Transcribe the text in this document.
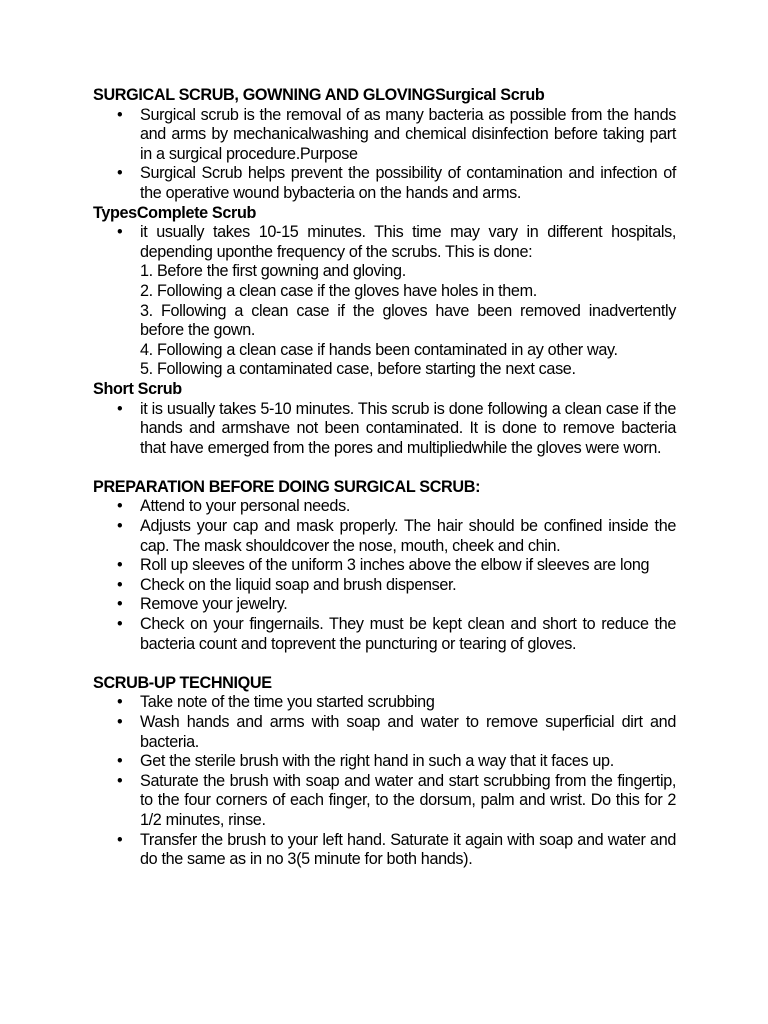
SURGICAL SCRUB, GOWNING AND GLOVINGSurgical Scrub
• Surgical scrub is the removal of as many bacteria as possible from the hands and arms by mechanicalwashing and chemical disinfection before taking part in a surgical procedure.Purpose
• Surgical Scrub helps prevent the possibility of contamination and infection of the operative wound bybacteria on the hands and arms.
TypesComplete Scrub
• it usually takes 10-15 minutes. This time may vary in different hospitals, depending uponthe frequency of the scrubs. This is done:
1. Before the first gowning and gloving.
2. Following a clean case if the gloves have holes in them.
3. Following a clean case if the gloves have been removed inadvertently before the gown.
4. Following a clean case if hands been contaminated in ay other way.
5. Following a contaminated case, before starting the next case.
Short Scrub
• it is usually takes 5-10 minutes. This scrub is done following a clean case if the hands and armshave not been contaminated. It is done to remove bacteria that have emerged from the pores and multipliedwhile the gloves were worn.
PREPARATION BEFORE DOING SURGICAL SCRUB:
• Attend to your personal needs.
• Adjusts your cap and mask properly. The hair should be confined inside the cap. The mask shouldcover the nose, mouth, cheek and chin.
• Roll up sleeves of the uniform 3 inches above the elbow if sleeves are long
• Check on the liquid soap and brush dispenser.
• Remove your jewelry.
• Check on your fingernails. They must be kept clean and short to reduce the bacteria count and toprevent the puncturing or tearing of gloves.
SCRUB-UP TECHNIQUE
• Take note of the time you started scrubbing
• Wash hands and arms with soap and water to remove superficial dirt and bacteria.
• Get the sterile brush with the right hand in such a way that it faces up.
• Saturate the brush with soap and water and start scrubbing from the fingertip, to the four corners of each finger, to the dorsum, palm and wrist. Do this for 2 1/2 minutes, rinse.
• Transfer the brush to your left hand. Saturate it again with soap and water and do the same as in no 3(5 minute for both hands).
